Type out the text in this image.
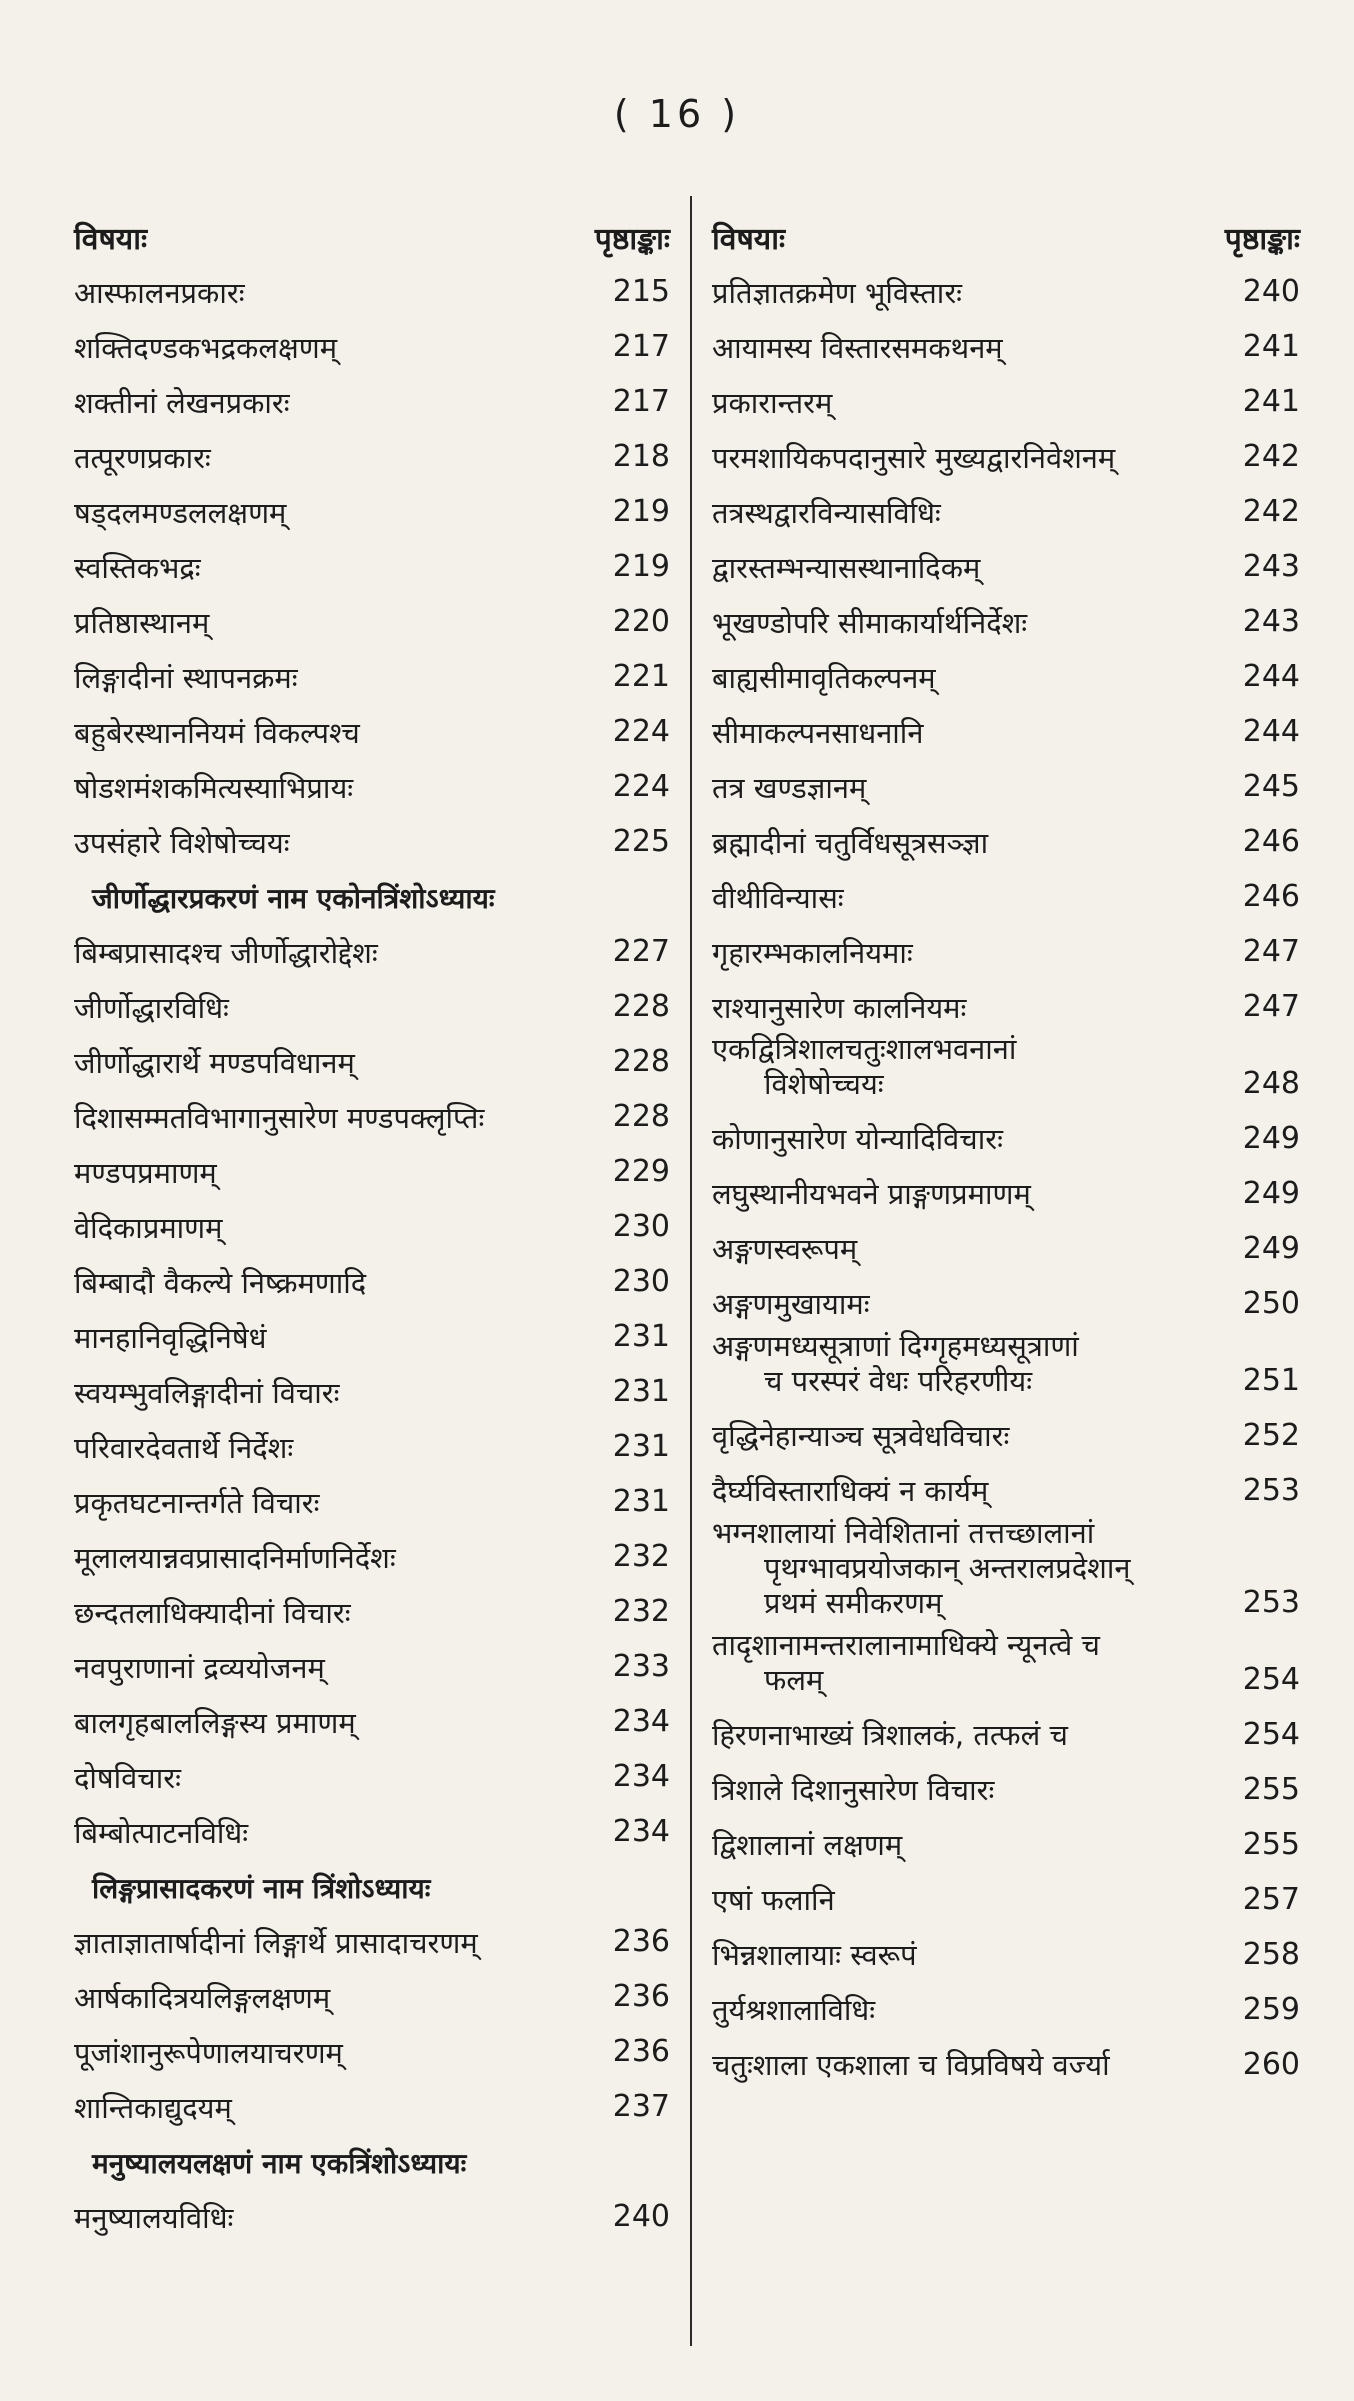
( 16 )
विषयाः	पृष्ठाङ्काः
आस्फालनप्रकारः	215
शक्तिदण्डकभद्रकलक्षणम्	217
शक्तीनां लेखनप्रकारः	217
तत्पूरणप्रकारः	218
षड्दलमण्डललक्षणम्	219
स्वस्तिकभद्रः	219
प्रतिष्ठास्थानम्	220
लिङ्गादीनां स्थापनक्रमः	221
बहुबेरस्थाननियमं विकल्पश्च	224
षोडशमंशकमित्यस्याभिप्रायः	224
उपसंहारे विशेषोच्चयः	225
जीर्णोद्धारप्रकरणं नाम एकोनत्रिंशोऽध्यायः
बिम्बप्रासादश्च जीर्णोद्धारोद्देशः	227
जीर्णोद्धारविधिः	228
जीर्णोद्धारार्थे मण्डपविधानम्	228
दिशासम्मतविभागानुसारेण मण्डपक्लृप्तिः	228
मण्डपप्रमाणम्	229
वेदिकाप्रमाणम्	230
बिम्बादौ वैकल्ये निष्क्रमणादि	230
मानहानिवृद्धिनिषेधं	231
स्वयम्भुवलिङ्गादीनां विचारः	231
परिवारदेवतार्थे निर्देशः	231
प्रकृतघटनान्तर्गते विचारः	231
मूलालयान्नवप्रासादनिर्माणनिर्देशः	232
छन्दतलाधिक्यादीनां विचारः	232
नवपुराणानां द्रव्ययोजनम्	233
बालगृहबाललिङ्गस्य प्रमाणम्	234
दोषविचारः	234
बिम्बोत्पाटनविधिः	234
लिङ्गप्रासादकरणं नाम त्रिंशोऽध्यायः
ज्ञाताज्ञातार्षादीनां लिङ्गार्थे प्रासादाचरणम्	236
आर्षकादित्रयलिङ्गलक्षणम्	236
पूजांशानुरूपेणालयाचरणम्	236
शान्तिकाद्युदयम्	237
मनुष्यालयलक्षणं नाम एकत्रिंशोऽध्यायः
मनुष्यालयविधिः	240
विषयाः	पृष्ठाङ्काः
प्रतिज्ञातक्रमेण भूविस्तारः	240
आयामस्य विस्तारसमकथनम्	241
प्रकारान्तरम्	241
परमशायिकपदानुसारे मुख्यद्वारनिवेशनम्	242
तत्रस्थद्वारविन्यासविधिः	242
द्वारस्तम्भन्यासस्थानादिकम्	243
भूखण्डोपरि सीमाकार्यार्थनिर्देशः	243
बाह्यसीमावृतिकल्पनम्	244
सीमाकल्पनसाधनानि	244
तत्र खण्डज्ञानम्	245
ब्रह्मादीनां चतुर्विधसूत्रसञ्ज्ञा	246
वीथीविन्यासः	246
गृहारम्भकालनियमाः	247
राश्यानुसारेण कालनियमः	247
एकद्वित्रिशालचतुःशालभवनानां
विशेषोच्चयः	248
कोणानुसारेण योन्यादिविचारः	249
लघुस्थानीयभवने प्राङ्गणप्रमाणम्	249
अङ्गणस्वरूपम्	249
अङ्गणमुखायामः	250
अङ्गणमध्यसूत्राणां दिग्गृहमध्यसूत्राणां
च परस्परं वेधः परिहरणीयः	251
वृद्धिनेहान्याञ्च सूत्रवेधविचारः	252
दैर्घ्यविस्ताराधिक्यं न कार्यम्	253
भग्नशालायां निवेशितानां तत्तच्छालानां
पृथग्भावप्रयोजकान् अन्तरालप्रदेशान्
प्रथमं समीकरणम्	253
तादृशानामन्तरालानामाधिक्ये न्यूनत्वे च
फलम्	254
हिरणनाभाख्यं त्रिशालकं, तत्फलं च	254
त्रिशाले दिशानुसारेण विचारः	255
द्विशालानां लक्षणम्	255
एषां फलानि	257
भिन्नशालायाः स्वरूपं	258
तुर्यश्रशालाविधिः	259
चतुःशाला एकशाला च विप्रविषये वर्ज्या	260
